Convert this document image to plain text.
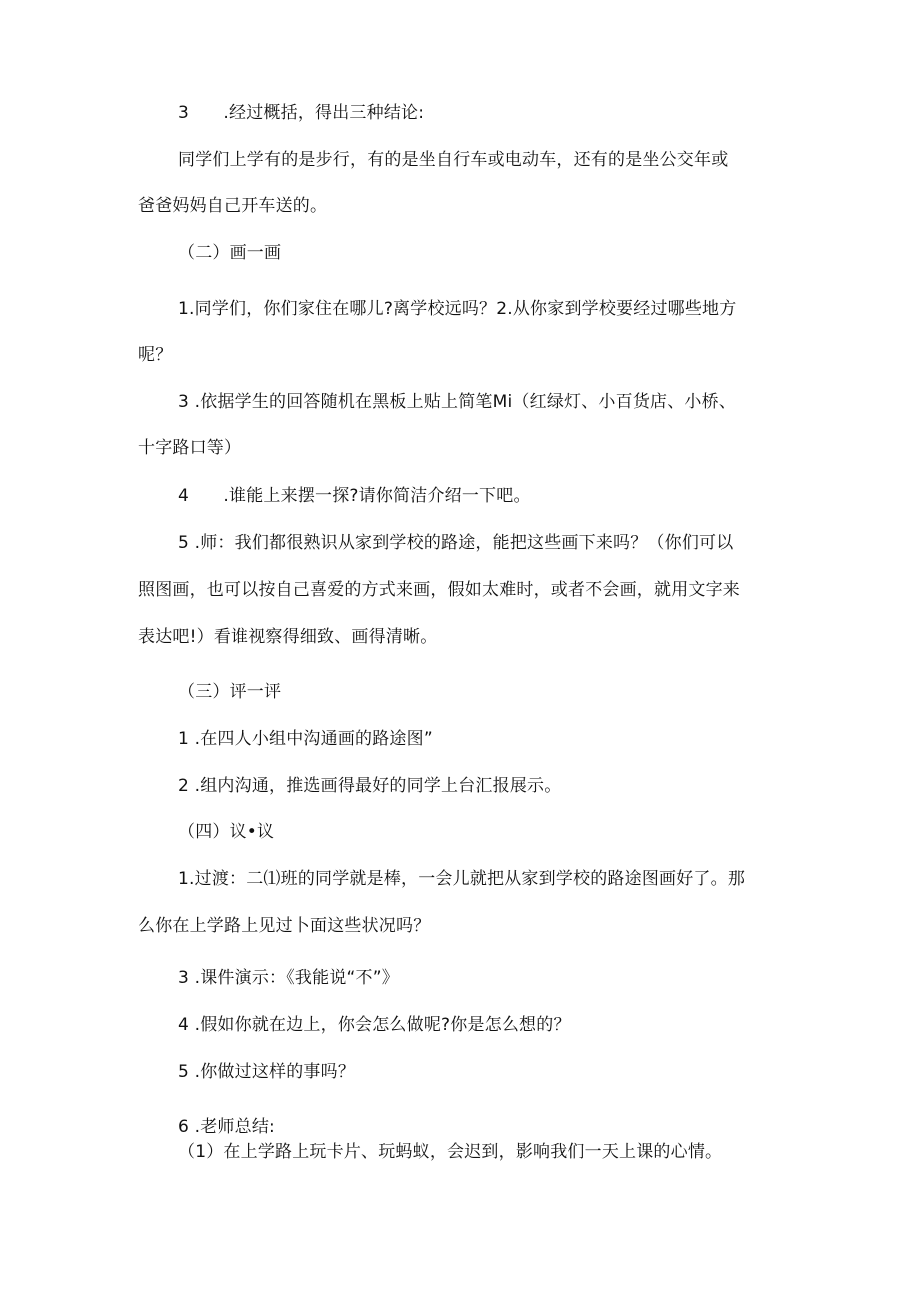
3　　.经过概括，得出三种结论:
同学们上学有的是步行，有的是坐自行车或电动车，还有的是坐公交年或
爸爸妈妈自己开车送的。
（二）画一画
1.同学们，你们家住在哪儿?离学校远吗？2.从你家到学校要经过哪些地方
呢？
3 .依据学生的回答随机在黑板上贴上简笔Mi（红绿灯、小百货店、小桥、
十字路口等）
4　　.谁能上来摆一探?请你简洁介绍一下吧。
5 .师：我们都很熟识从家到学校的路途，能把这些画下来吗？（你们可以
照图画，也可以按自己喜爱的方式来画，假如太难时，或者不会画，就用文字来
表达吧!）看谁视察得细致、画得清晰。
（三）评一评
1 .在四人小组中沟通画的路途图”
2 .组内沟通，推选画得最好的同学上台汇报展示。
（四）议•议
1.过渡：二⑴班的同学就是棒，一会儿就把从家到学校的路途图画好了。那
么你在上学路上见过卜面这些状况吗？
3 .课件演示：《我能说“不”》
4 .假如你就在边上，你会怎么做呢?你是怎么想的？
5 .你做过这样的事吗？
6 .老师总结:
（1）在上学路上玩卡片、玩蚂蚁，会迟到，影响我们一天上课的心情。
